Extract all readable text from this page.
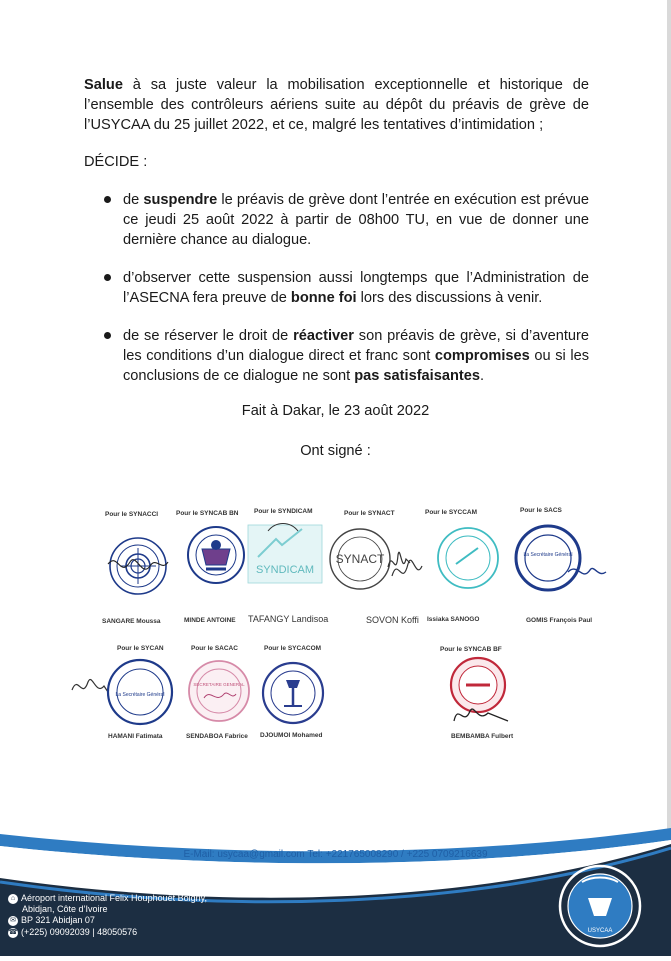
Salue à sa juste valeur la mobilisation exceptionnelle et historique de l’ensemble des contrôleurs aériens suite au dépôt du préavis de grève de l’USYCAA du 25 juillet 2022, et ce, malgré les tentatives d’intimidation ;
DÉCIDE :
de suspendre le préavis de grève dont l’entrée en exécution est prévue ce jeudi 25 août 2022 à partir de 08h00 TU, en vue de donner une dernière chance au dialogue.
d’observer cette suspension aussi longtemps que l’Administration de l’ASECNA fera preuve de bonne foi lors des discussions à venir.
de se réserver le droit de réactiver son préavis de grève, si d’aventure les conditions d’un dialogue direct et franc sont compromises ou si les conclusions de ce dialogue ne sont pas satisfaisantes.
Fait à Dakar, le 23 août 2022
Ont signé :
Pour le SYNACCI	Pour le SYNCAB BN Pour le SYNDICAM	Pour le SYNACT	Pour le SYCCAM	Pour le SACS
SYNDICAM
SYNACT	La Secrétaire Général
SANGARE Moussa	MINDE ANTOINE TAFANGY Landisoa	SOVON Koffi Issiaka SANOGO	GOMIS François Paul
Pour le SYCAN	Pour le SACAC	Pour le SYCACOM	Pour le SYNCAB BF
La Secrétaire Général
SECRETAIRE GENERAL
HAMANI Fatimata	SENDABOA Fabrice DJOUMOI Mohamed	BEMBAMBA Fulbert
USYCAA
E-Mail: usycaa@gmail.com Tel: +221765008290 / +225 0709216639
⌂ Aéroport international Felix Houphouët Boigny,
Abidjan, Côte d’Ivoire
✉ BP 321 Abidjan 07
☎ (+225) 09092039 | 48050576
